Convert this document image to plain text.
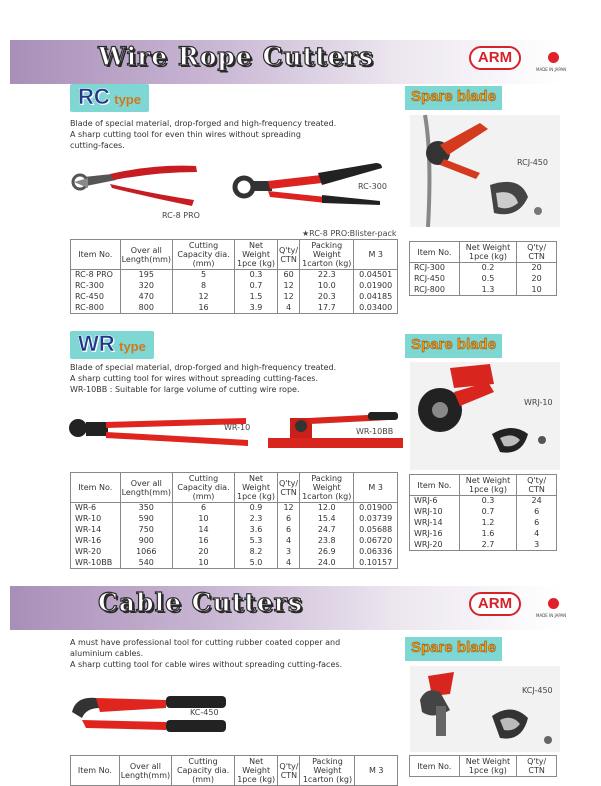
Wire Rope Cutters	ARM
MADE IN JAPAN
RC type

Blade of special material, drop-forged and high-frequency treated.

A sharp cutting tool for even thin wires without spreading

cutting-faces.

RC-8 PRO
RC-300
★RC-8 PRO:Blister-pack
Item No.	Over all Length(mm)	Cutting Capacity dia.(mm)	Net Weight 1pce (kg)	Q'ty/ CTN	Packing Weight 1carton (kg)	M 3
RC-8 PRO	195	5	0.3	60	22.3	0.04501
RC-300	320	8	0.7	12	10.0	0.01900
RC-450	470	12	1.5	12	20.3	0.04185
RC-800	800	16	3.9	4	17.7	0.03400
Spare blade
RCJ-450
Item No.	Net Weight 1pce (kg)	Q'ty/ CTN
RCJ-300	0.2	20
RCJ-450	0.5	20
RCJ-800	1.3	10
WR type

Blade of special material, drop-forged and high-frequency treated.

A sharp cutting tool for wires without spreading cutting-faces.

WR-10BB : Suitable for large volume of cutting wire rope.

WR-10	WR-10BB
Item No.	Over all Length(mm)	Cutting Capacity dia.(mm)	Net Weight 1pce (kg)	Q'ty/ CTN	Packing Weight 1carton (kg)	M 3
WR-6	350	6	0.9	12	12.0	0.01900
WR-10	590	10	2.3	6	15.4	0.03739
WR-14	750	14	3.6	6	24.7	0.05688
WR-16	900	16	5.3	4	23.8	0.06720
WR-20	1066	20	8.2	3	26.9	0.06336
WR-10BB	540	10	5.0	4	24.0	0.10157
Spare blade
WRJ-10
Item No.	Net Weight 1pce (kg)	Q'ty/ CTN
WRJ-6	0.3	24
WRJ-10	0.7	6
WRJ-14	1.2	6
WRJ-16	1.6	4
WRJ-20	2.7	3
Cable Cutters	ARM
MADE IN JAPAN

A must have professional tool for cutting rubber coated copper and

aluminium cables.

A sharp cutting tool for cable wires without spreading cutting-faces.

KC-450
Item No.	Over all Length(mm)	Cutting Capacity dia.(mm)	Net Weight 1pce (kg)	Q'ty/ CTN	Packing Weight 1carton (kg)	M 3
Spare blade
KCJ-450
Item No.	Net Weight 1pce (kg)	Q'ty/ CTN
